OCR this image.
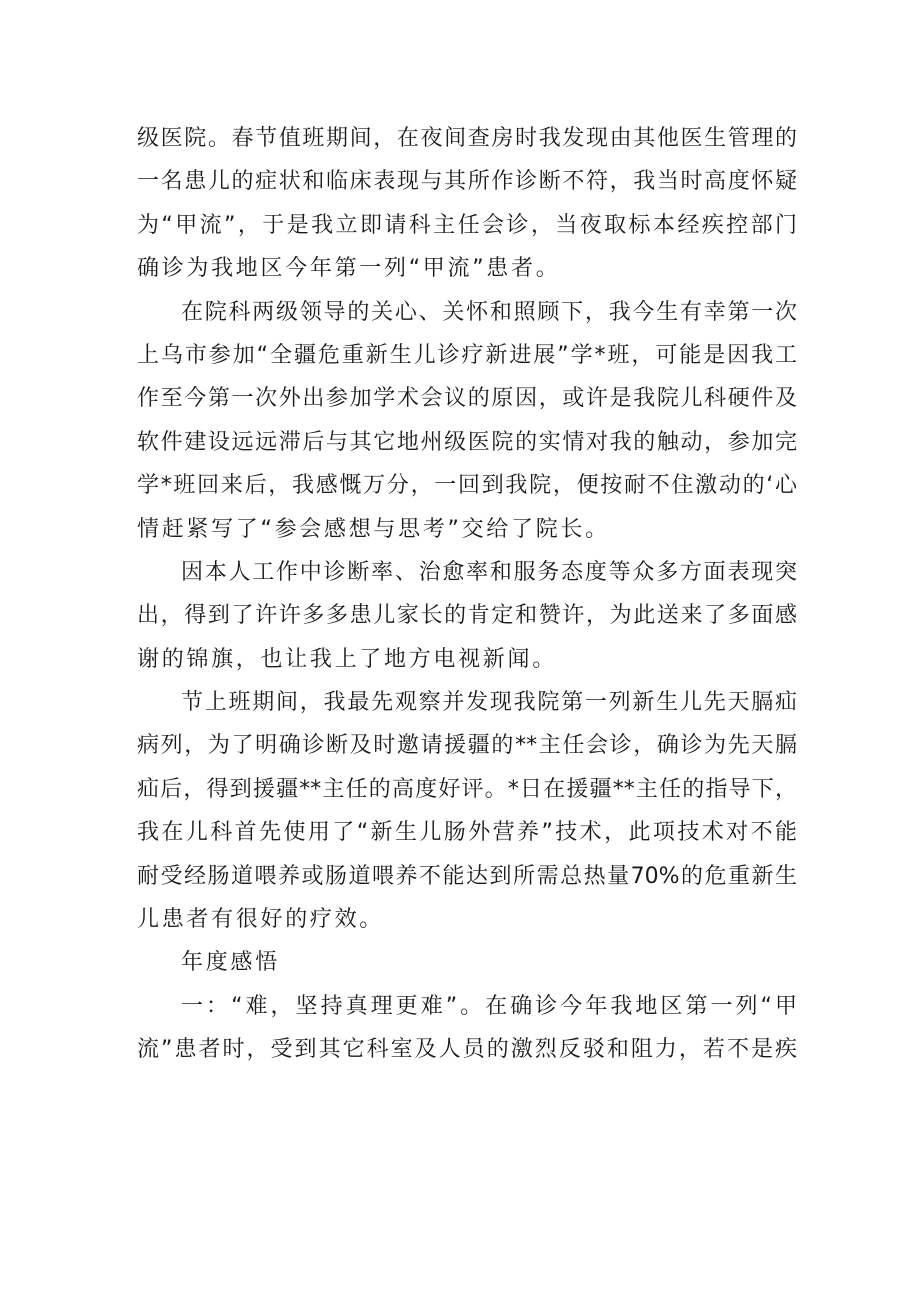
级医院。春节值班期间，在夜间查房时我发现由其他医生管理的
一名患儿的症状和临床表现与其所作诊断不符，我当时高度怀疑
为“甲流”，于是我立即请科主任会诊，当夜取标本经疾控部门
确诊为我地区今年第一列“甲流”患者。
在院科两级领导的关心、关怀和照顾下，我今生有幸第一次
上乌市参加“全疆危重新生儿诊疗新进展”学*班，可能是因我工
作至今第一次外出参加学术会议的原因，或许是我院儿科硬件及
软件建设远远滞后与其它地州级医院的实情对我的触动，参加完
学*班回来后，我感慨万分，一回到我院，便按耐不住激动的‘心
情赶紧写了“参会感想与思考”交给了院长。
因本人工作中诊断率、治愈率和服务态度等众多方面表现突
出，得到了许许多多患儿家长的肯定和赞许，为此送来了多面感
谢的锦旗，也让我上了地方电视新闻。
节上班期间，我最先观察并发现我院第一列新生儿先天膈疝
病列，为了明确诊断及时邀请援疆的**主任会诊，确诊为先天膈
疝后，得到援疆**主任的高度好评。*日在援疆**主任的指导下，
我在儿科首先使用了“新生儿肠外营养”技术，此项技术对不能
耐受经肠道喂养或肠道喂养不能达到所需总热量70%的危重新生
儿患者有很好的疗效。
年度感悟
一：“难，坚持真理更难”。在确诊今年我地区第一列“甲
流”患者时，受到其它科室及人员的激烈反驳和阻力，若不是疾
